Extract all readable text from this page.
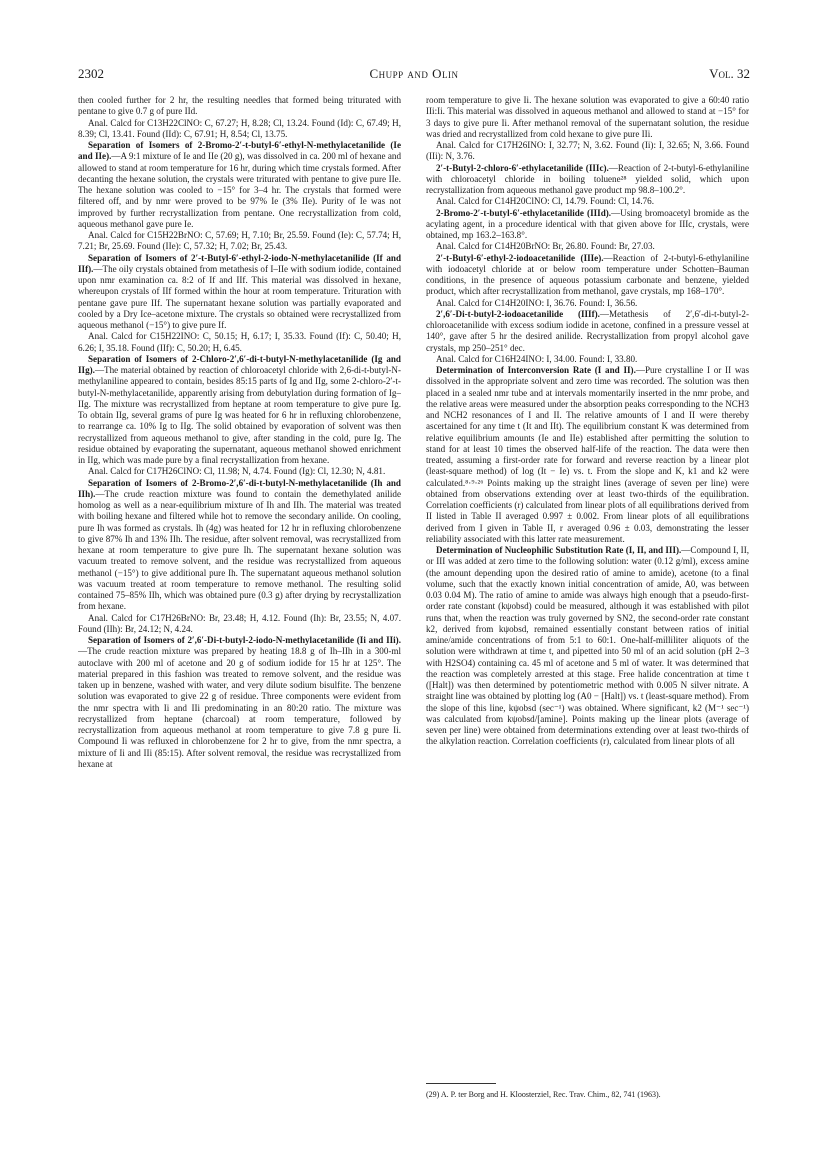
2302	Chupp and Olin	Vol. 32

then cooled further for 2 hr, the resulting needles that formed being triturated with pentane to give 0.7 g of pure IId.

Anal. Calcd for C13H22ClNO: C, 67.27; H, 8.28; Cl, 13.24. Found (Id): C, 67.49; H, 8.39; Cl, 13.41. Found (IId): C, 67.91; H, 8.54; Cl, 13.75.

Separation of Isomers of 2-Bromo-2′-t-butyl-6′-ethyl-N-methylacetanilide (Ie and IIe).—A 9:1 mixture of Ie and IIe (20 g), was dissolved in ca. 200 ml of hexane and allowed to stand at room temperature for 16 hr, during which time crystals formed. After decanting the hexane solution, the crystals were triturated with pentane to give pure IIe. The hexane solution was cooled to −15° for 3–4 hr. The crystals that formed were filtered off, and by nmr were proved to be 97% Ie (3% IIe). Purity of Ie was not improved by further recrystallization from pentane. One recrystallization from cold, aqueous methanol gave pure Ie.

Anal. Calcd for C15H22BrNO: C, 57.69; H, 7.10; Br, 25.59. Found (Ie): C, 57.74; H, 7.21; Br, 25.69. Found (IIe): C, 57.32; H, 7.02; Br, 25.43.

Separation of Isomers of 2′-t-Butyl-6′-ethyl-2-iodo-N-methylacetanilide (If and IIf).—The oily crystals obtained from metathesis of I–IIe with sodium iodide, contained upon nmr examination ca. 8:2 of If and IIf. This material was dissolved in hexane, whereupon crystals of IIf formed within the hour at room temperature. Trituration with pentane gave pure IIf. The supernatant hexane solution was partially evaporated and cooled by a Dry Ice–acetone mixture. The crystals so obtained were recrystallized from aqueous methanol (−15°) to give pure If.

Anal. Calcd for C15H22INO: C, 50.15; H, 6.17; I, 35.33. Found (If): C, 50.40; H, 6.26; I, 35.18. Found (IIf): C, 50.20; H, 6.45.

Separation of Isomers of 2-Chloro-2′,6′-di-t-butyl-N-methylacetanilide (Ig and IIg).—The material obtained by reaction of chloroacetyl chloride with 2,6-di-t-butyl-N-methylaniline appeared to contain, besides 85:15 parts of Ig and IIg, some 2-chloro-2′-t-butyl-N-methylacetanilide, apparently arising from debutylation during formation of Ig–IIg. The mixture was recrystallized from heptane at room temperature to give pure Ig. To obtain IIg, several grams of pure Ig was heated for 6 hr in refluxing chlorobenzene, to rearrange ca. 10% Ig to IIg. The solid obtained by evaporation of solvent was then recrystallized from aqueous methanol to give, after standing in the cold, pure Ig. The residue obtained by evaporating the supernatant, aqueous methanol showed enrichment in IIg, which was made pure by a final recrystallization from hexane.

Anal. Calcd for C17H26ClNO: Cl, 11.98; N, 4.74. Found (Ig): Cl, 12.30; N, 4.81.

Separation of Isomers of 2-Bromo-2′,6′-di-t-butyl-N-methylacetanilide (Ih and IIh).—The crude reaction mixture was found to contain the demethylated anilide homolog as well as a near-equilibrium mixture of Ih and IIh. The material was treated with boiling hexane and filtered while hot to remove the secondary anilide. On cooling, pure Ih was formed as crystals. Ih (4g) was heated for 12 hr in refluxing chlorobenzene to give 87% Ih and 13% IIh. The residue, after solvent removal, was recrystallized from hexane at room temperature to give pure Ih. The supernatant hexane solution was vacuum treated to remove solvent, and the residue was recrystallized from aqueous methanol (−15°) to give additional pure Ih. The supernatant aqueous methanol solution was vacuum treated at room temperature to remove methanol. The resulting solid contained 75–85% IIh, which was obtained pure (0.3 g) after drying by recrystallization from hexane.

Anal. Calcd for C17H26BrNO: Br, 23.48; H, 4.12. Found (Ih): Br, 23.55; N, 4.07. Found (IIh): Br, 24.12; N, 4.24.

Separation of Isomers of 2′,6′-Di-t-butyl-2-iodo-N-methylacetanilide (Ii and IIi).—The crude reaction mixture was prepared by heating 18.8 g of Ih–IIh in a 300-ml autoclave with 200 ml of acetone and 20 g of sodium iodide for 15 hr at 125°. The material prepared in this fashion was treated to remove solvent, and the residue was taken up in benzene, washed with water, and very dilute sodium bisulfite. The benzene solution was evaporated to give 22 g of residue. Three components were evident from the nmr spectra with Ii and IIi predominating in an 80:20 ratio. The mixture was recrystallized from heptane (charcoal) at room temperature, followed by recrystallization from aqueous methanol at room temperature to give 7.8 g pure Ii. Compound Ii was refluxed in chlorobenzene for 2 hr to give, from the nmr spectra, a mixture of Ii and IIi (85:15). After solvent removal, the residue was recrystallized from hexane at

room temperature to give Ii. The hexane solution was evaporated to give a 60:40 ratio IIi:Ii. This material was dissolved in aqueous methanol and allowed to stand at −15° for 3 days to give pure Ii. After methanol removal of the supernatant solution, the residue was dried and recrystallized from cold hexane to give pure IIi.

Anal. Calcd for C17H26INO: I, 32.77; N, 3.62. Found (Ii): I, 32.65; N, 3.66. Found (IIi): N, 3.76.

2′-t-Butyl-2-chloro-6′-ethylacetanilide (IIIc).—Reaction of 2-t-butyl-6-ethylaniline with chloroacetyl chloride in boiling toluene²⁸ yielded solid, which upon recrystallization from aqueous methanol gave product mp 98.8–100.2°.

Anal. Calcd for C14H20ClNO: Cl, 14.79. Found: Cl, 14.76.

2-Bromo-2′-t-butyl-6′-ethylacetanilide (IIId).—Using bromoacetyl bromide as the acylating agent, in a procedure identical with that given above for IIIc, crystals, were obtained, mp 163.2–163.8°.

Anal. Calcd for C14H20BrNO: Br, 26.80. Found: Br, 27.03.

2′-t-Butyl-6′-ethyl-2-iodoacetanilide (IIIe).—Reaction of 2-t-butyl-6-ethylaniline with iodoacetyl chloride at or below room temperature under Schotten–Bauman conditions, in the presence of aqueous potassium carbonate and benzene, yielded product, which after recrystallization from methanol, gave crystals, mp 168–170°.

Anal. Calcd for C14H20INO: I, 36.76. Found: I, 36.56.

2′,6′-Di-t-butyl-2-iodoacetanilide (IIIf).—Metathesis of 2′,6′-di-t-butyl-2-chloroacetanilide with excess sodium iodide in acetone, confined in a pressure vessel at 140°, gave after 5 hr the desired anilide. Recrystallization from propyl alcohol gave crystals, mp 250–251° dec.

Anal. Calcd for C16H24INO: I, 34.00. Found: I, 33.80.

Determination of Interconversion Rate (I and II).—Pure crystalline I or II was dissolved in the appropriate solvent and zero time was recorded. The solution was then placed in a sealed nmr tube and at intervals momentarily inserted in the nmr probe, and the relative areas were measured under the absorption peaks corresponding to the NCH3 and NCH2 resonances of I and II. The relative amounts of I and II were thereby ascertained for any time t (It and IIt). The equilibrium constant K was determined from relative equilibrium amounts (Ie and IIe) established after permitting the solution to stand for at least 10 times the observed half-life of the reaction. The data were then treated, assuming a first-order rate for forward and reverse reaction by a linear plot (least-square method) of log (It − Ie) vs. t. From the slope and K, k1 and k2 were calculated.⁸·⁹·²⁶ Points making up the straight lines (average of seven per line) were obtained from observations extending over at least two-thirds of the equilibration. Correlation coefficients (r) calculated from linear plots of all equilibrations derived from II listed in Table II averaged 0.997 ± 0.002. From linear plots of all equilibrations derived from I given in Table II, r averaged 0.96 ± 0.03, demonstrating the lesser reliability associated with this latter rate measurement.

Determination of Nucleophilic Substitution Rate (I, II, and III).—Compound I, II, or III was added at zero time to the following solution: water (0.12 g/ml), excess amine (the amount depending upon the desired ratio of amine to amide), acetone (to a final volume, such that the exactly known initial concentration of amide, A0, was between 0.03 0.04 M). The ratio of amine to amide was always high enough that a pseudo-first-order rate constant (kψobsd) could be measured, although it was established with pilot runs that, when the reaction was truly governed by SN2, the second-order rate constant k2, derived from kψobsd, remained essentially constant between ratios of initial amine/amide concentrations of from 5:1 to 60:1. One-half-milliliter aliquots of the solution were withdrawn at time t, and pipetted into 50 ml of an acid solution (pH 2–3 with H2SO4) containing ca. 45 ml of acetone and 5 ml of water. It was determined that the reaction was completely arrested at this stage. Free halide concentration at time t ([Halt]) was then determined by potentiometric method with 0.005 N silver nitrate. A straight line was obtained by plotting log (A0 − [Halt]) vs. t (least-square method). From the slope of this line, kψobsd (sec⁻¹) was obtained. Where significant, k2 (M⁻¹ sec⁻¹) was calculated from kψobsd/[amine]. Points making up the linear plots (average of seven per line) were obtained from determinations extending over at least two-thirds of the alkylation reaction. Correlation coefficients (r), calculated from linear plots of all

(29) A. P. ter Borg and H. Kloosterziel, Rec. Trav. Chim., 82, 741 (1963).
